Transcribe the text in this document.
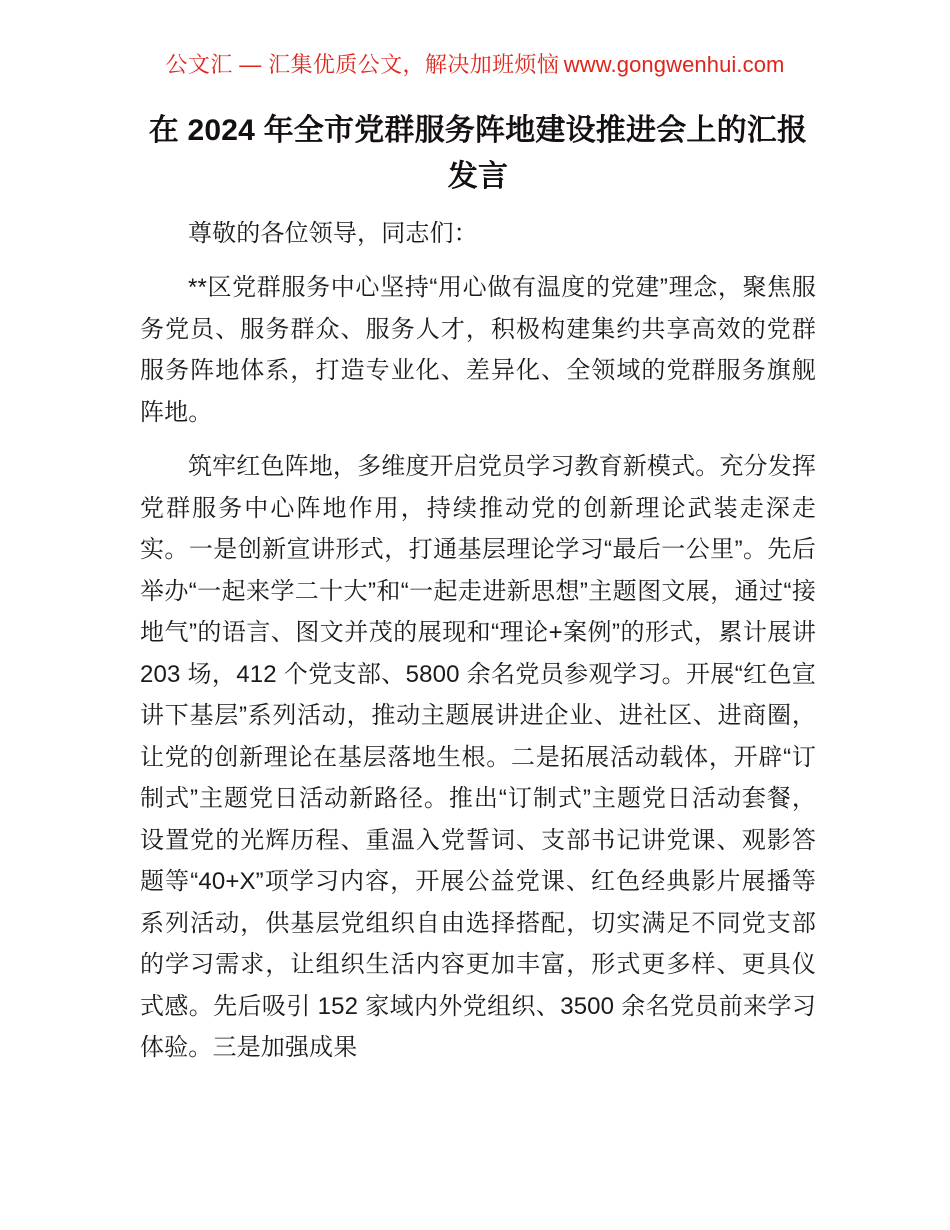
公文汇 — 汇集优质公文，解决加班烦恼 www.gongwenhui.com
在 2024 年全市党群服务阵地建设推进会上的汇报发言

尊敬的各位领导，同志们：

**区党群服务中心坚持“用心做有温度的党建”理念，聚焦服务党员、服务群众、服务人才，积极构建集约共享高效的党群服务阵地体系，打造专业化、差异化、全领域的党群服务旗舰阵地。

筑牢红色阵地，多维度开启党员学习教育新模式。充分发挥党群服务中心阵地作用，持续推动党的创新理论武装走深走实。一是创新宣讲形式，打通基层理论学习“最后一公里”。先后举办“一起来学二十大”和“一起走进新思想”主题图文展，通过“接地气”的语言、图文并茂的展现和“理论+案例”的形式，累计展讲 203 场，412 个党支部、5800 余名党员参观学习。开展“红色宣讲下基层”系列活动，推动主题展讲进企业、进社区、进商圈，让党的创新理论在基层落地生根。二是拓展活动载体，开辟“订制式”主题党日活动新路径。推出“订制式”主题党日活动套餐，设置党的光辉历程、重温入党誓词、支部书记讲党课、观影答题等“40+X”项学习内容，开展公益党课、红色经典影片展播等系列活动，供基层党组织自由选择搭配，切实满足不同党支部的学习需求，让组织生活内容更加丰富，形式更多样、更具仪式感。先后吸引 152 家域内外党组织、3500 余名党员前来学习体验。三是加强成果
